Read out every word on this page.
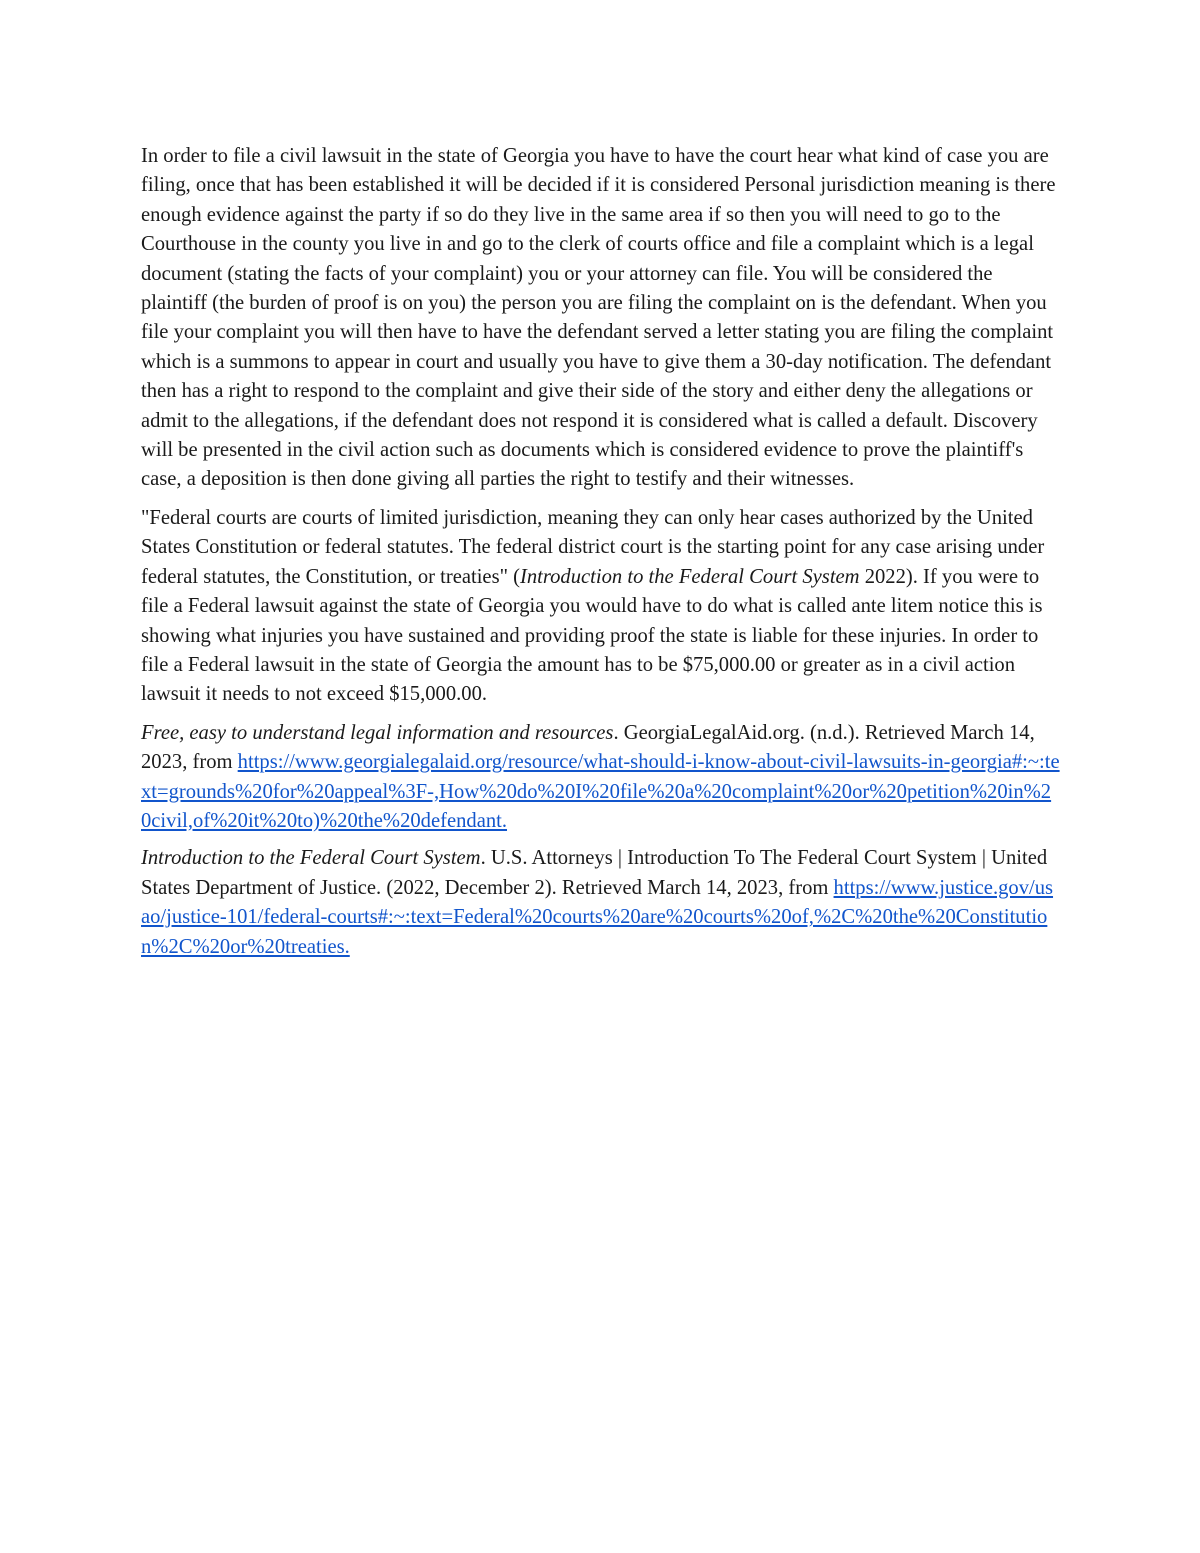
In order to file a civil lawsuit in the state of Georgia you have to have the court hear what kind of case you are filing, once that has been established it will be decided if it is considered Personal jurisdiction meaning is there enough evidence against the party if so do they live in the same area if so then you will need to go to the Courthouse in the county you live in and go to the clerk of courts office and file a complaint which is a legal document (stating the facts of your complaint) you or your attorney can file. You will be considered the plaintiff (the burden of proof is on you) the person you are filing the complaint on is the defendant. When you file your complaint you will then have to have the defendant served a letter stating you are filing the complaint which is a summons to appear in court and usually you have to give them a 30-day notification. The defendant then has a right to respond to the complaint and give their side of the story and either deny the allegations or admit to the allegations, if the defendant does not respond it is considered what is called a default. Discovery will be presented in the civil action such as documents which is considered evidence to prove the plaintiff's case, a deposition is then done giving all parties the right to testify and their witnesses.

"Federal courts are courts of limited jurisdiction, meaning they can only hear cases authorized by the United States Constitution or federal statutes. The federal district court is the starting point for any case arising under federal statutes, the Constitution, or treaties" (Introduction to the Federal Court System 2022). If you were to file a Federal lawsuit against the state of Georgia you would have to do what is called ante litem notice this is showing what injuries you have sustained and providing proof the state is liable for these injuries. In order to file a Federal lawsuit in the state of Georgia the amount has to be $75,000.00 or greater as in a civil action lawsuit it needs to not exceed $15,000.00.

Free, easy to understand legal information and resources. GeorgiaLegalAid.org. (n.d.). Retrieved March 14, 2023, from https://www.georgialegalaid.org/resource/what-should-i-know-about-civil-lawsuits-in-georgia#:~:text=grounds%20for%20appeal%3F-,How%20do%20I%20file%20a%20complaint%20or%20petition%20in%20civil,of%20it%20to)%20the%20defendant.

Introduction to the Federal Court System. U.S. Attorneys | Introduction To The Federal Court System | United States Department of Justice. (2022, December 2). Retrieved March 14, 2023, from https://www.justice.gov/usao/justice-101/federal-courts#:~:text=Federal%20courts%20are%20courts%20of,%2C%20the%20Constitution%2C%20or%20treaties.
